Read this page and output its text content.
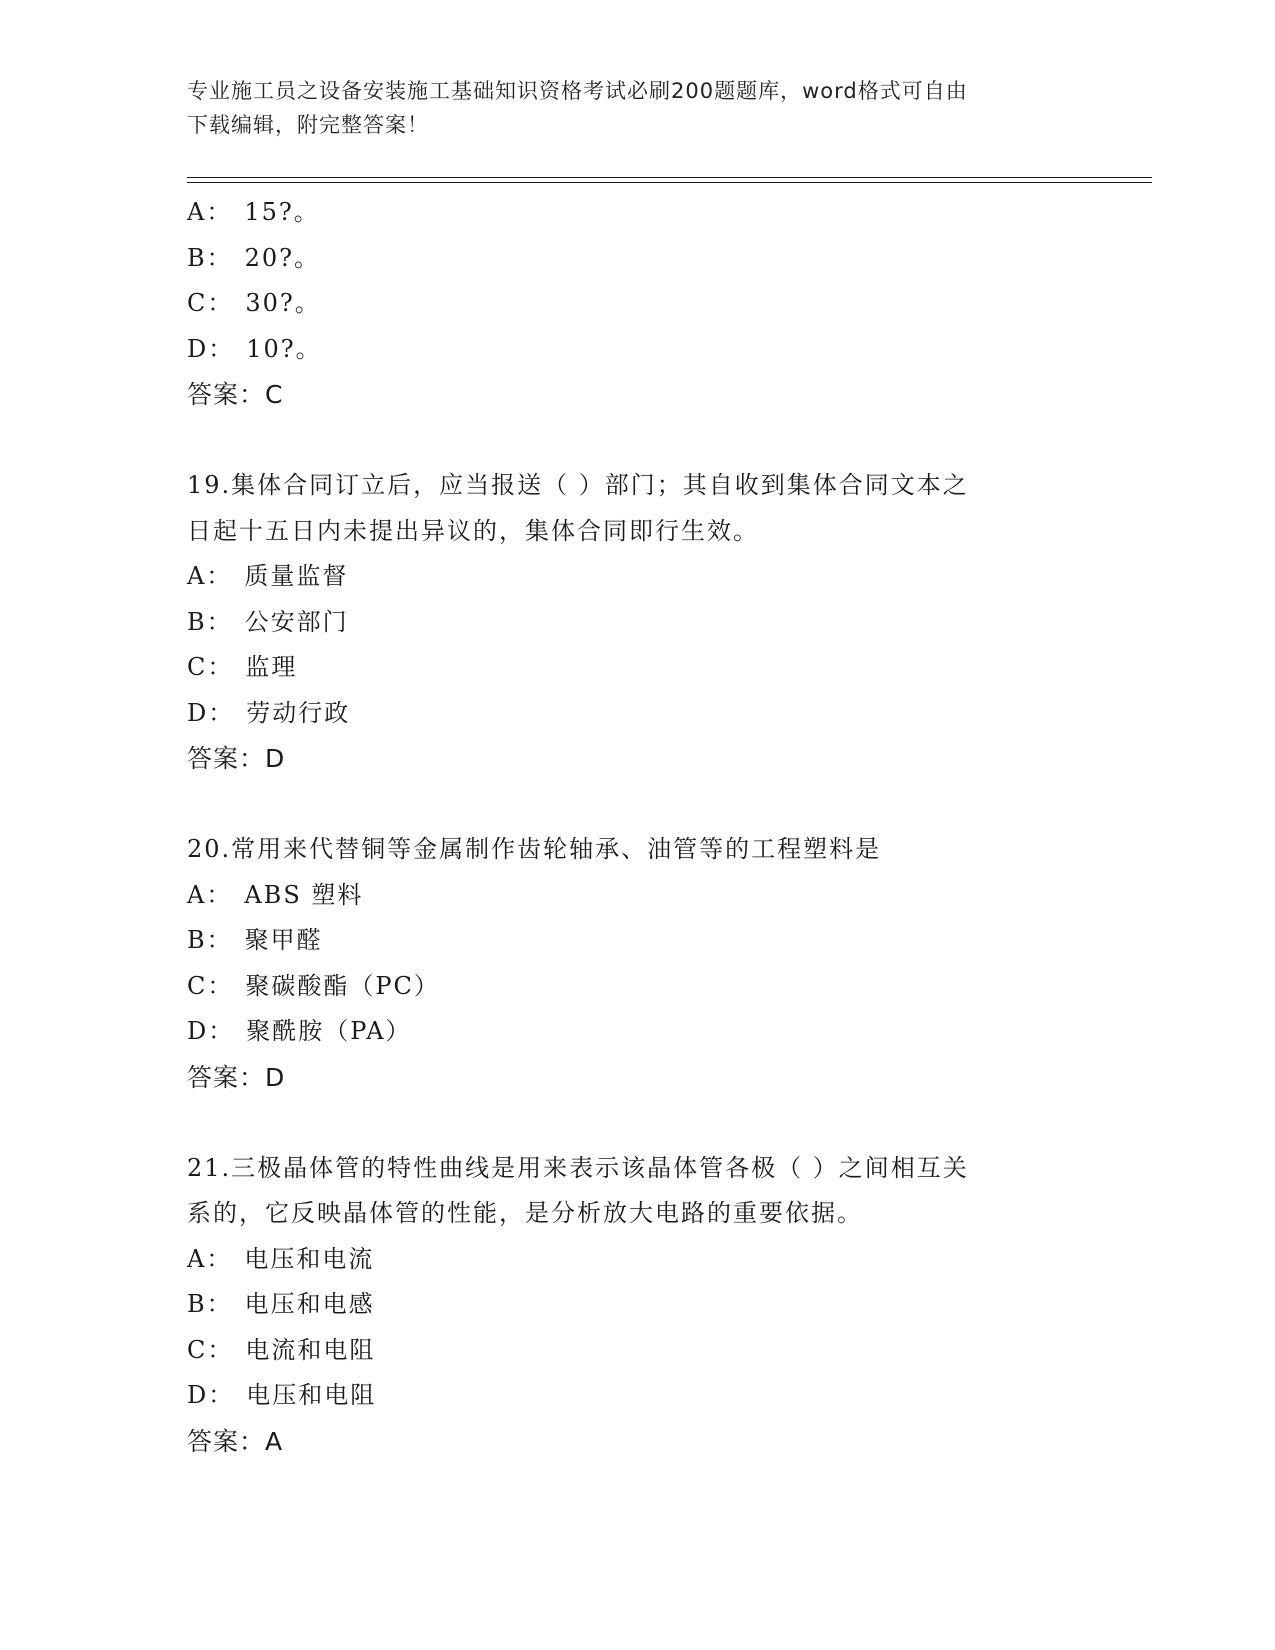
专业施工员之设备安装施工基础知识资格考试必刷200题题库，word格式可自由
下载编辑，附完整答案！
A： 15?。
B： 20?。
C： 30?。
D： 10?。
答案：C
19.集体合同订立后，应当报送（ ）部门；其自收到集体合同文本之
日起十五日内未提出异议的，集体合同即行生效。
A： 质量监督
B： 公安部门
C： 监理
D： 劳动行政
答案：D
20.常用来代替铜等金属制作齿轮轴承、油管等的工程塑料是
A： ABS 塑料
B： 聚甲醛
C： 聚碳酸酯（PC）
D： 聚酰胺（PA）
答案：D
21.三极晶体管的特性曲线是用来表示该晶体管各极（ ）之间相互关
系的，它反映晶体管的性能，是分析放大电路的重要依据。
A： 电压和电流
B： 电压和电感
C： 电流和电阻
D： 电压和电阻
答案：A
